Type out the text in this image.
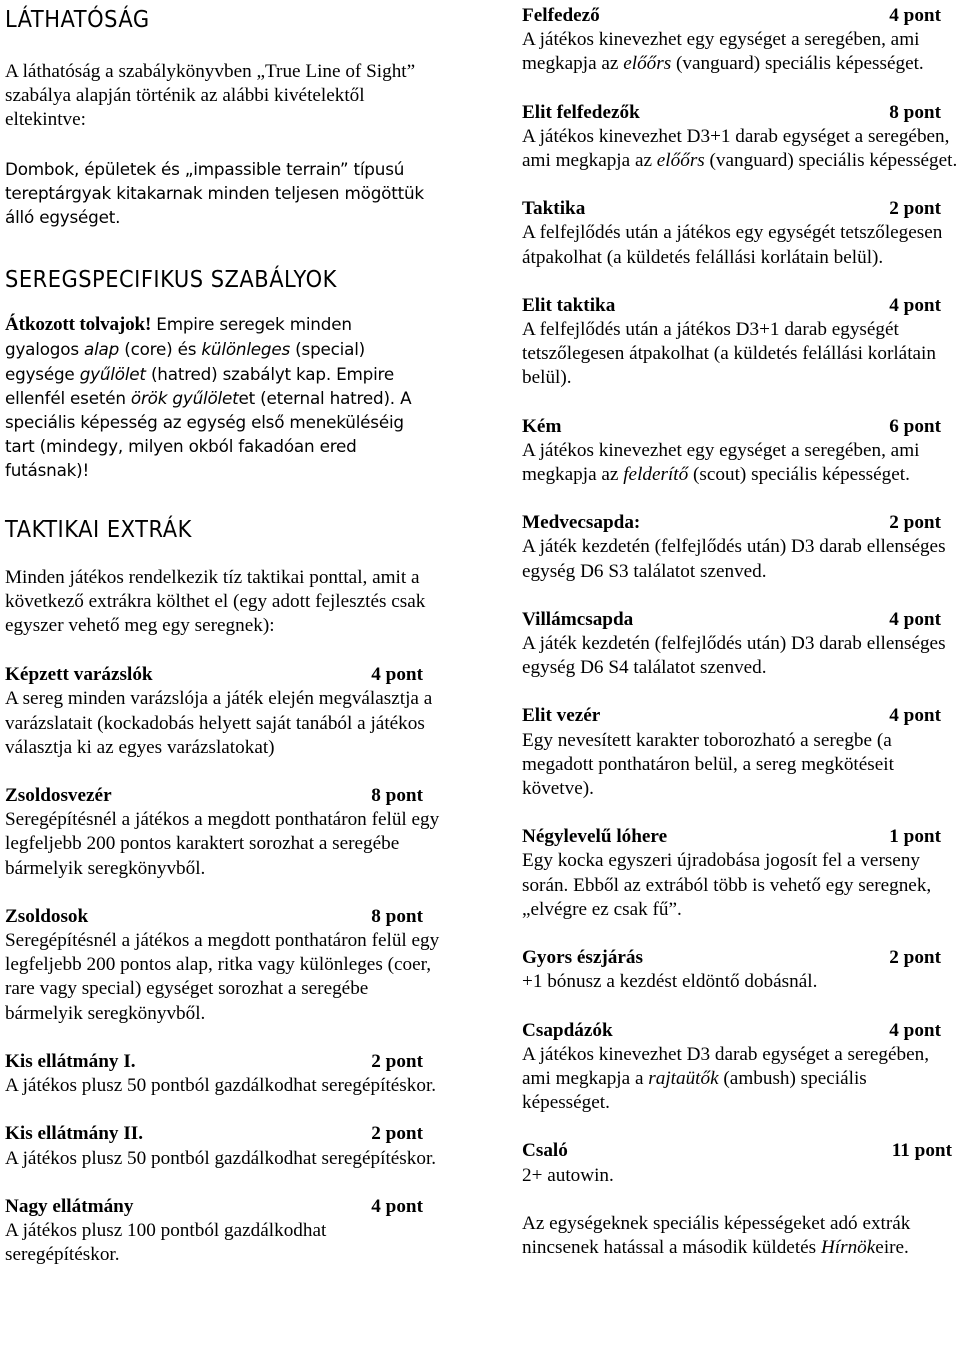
LÁTHATÓSÁG

A láthatóság a szabálykönyvben „True Line of Sight” szabálya alapján történik az alábbi kivételektől eltekintve:

Dombok, épületek és „impassible terrain” típusú tereptárgyak kitakarnak minden teljesen mögöttük álló egységet.

SEREGSPECIFIKUS SZABÁLYOK

Átkozott tolvajok! Empire seregek minden gyalogos alap (core) és különleges (special) egysége gyűlölet (hatred) szabályt kap. Empire ellenfél esetén örök gyűlöletet (eternal hatred). A speciális képesség az egység első meneküléséig tart (mindegy, milyen okból fakadóan ered futásnak)!

TAKTIKAI EXTRÁK

Minden játékos rendelkezik tíz taktikai ponttal, amit a következő extrákra költhet el (egy adott fejlesztés csak egyszer vehető meg egy seregnek):

Képzett varázslók	4 pont

A sereg minden varázslója a játék elején megválasztja a varázslatait (kockadobás helyett saját tanából a játékos választja ki az egyes varázslatokat)

Zsoldosvezér	8 pont

Seregépítésnél a játékos a megdott ponthatáron felül egy legfeljebb 200 pontos karaktert sorozhat a seregébe bármelyik seregkönyvből.

Zsoldosok	8 pont

Seregépítésnél a játékos a megdott ponthatáron felül egy legfeljebb 200 pontos alap, ritka vagy különleges (coer, rare vagy special) egységet sorozhat a seregébe bármelyik seregkönyvből.

Kis ellátmány I.	2 pont

A játékos plusz 50 pontból gazdálkodhat seregépítéskor.

Kis ellátmány II.	2 pont

A játékos plusz 50 pontból gazdálkodhat seregépítéskor.

Nagy ellátmány	4 pont

A játékos plusz 100 pontból gazdálkodhat seregépítéskor.

Felfedező	4 pont

A játékos kinevezhet egy egységet a seregében, ami megkapja az előőrs (vanguard) speciális képességet.

Elit felfedezők	8 pont

A játékos kinevezhet D3+1 darab egységet a seregében, ami megkapja az előőrs (vanguard) speciális képességet.

Taktika	2 pont

A felfejlődés után a játékos egy egységét tetszőlegesen átpakolhat (a küldetés felállási korlátain belül).

Elit taktika	4 pont

A felfejlődés után a játékos D3+1 darab egységét tetszőlegesen átpakolhat (a küldetés felállási korlátain belül).

Kém	6 pont

A játékos kinevezhet egy egységet a seregében, ami megkapja az felderítő (scout) speciális képességet.

Medvecsapda:	2 pont

A játék kezdetén (felfejlődés után) D3 darab ellenséges egység D6 S3 találatot szenved.

Villámcsapda	4 pont

A játék kezdetén (felfejlődés után) D3 darab ellenséges egység D6 S4 találatot szenved.

Elit vezér	4 pont

Egy nevesített karakter toborozható a seregbe (a megadott ponthatáron belül, a sereg megkötéseit követve).

Négylevelű lóhere	1 pont

Egy kocka egyszeri újradobása jogosít fel a verseny során. Ebből az extrából több is vehető egy seregnek, „elvégre ez csak fű”.

Gyors észjárás	2 pont

+1 bónusz a kezdést eldöntő dobásnál.

Csapdázók	4 pont

A játékos kinevezhet D3 darab egységet a seregében, ami megkapja a rajtaütők (ambush) speciális képességet.

Csaló	11 pont

2+ autowin.

Az egységeknek speciális képességeket adó extrák nincsenek hatással a második küldetés Hírnökeire.
